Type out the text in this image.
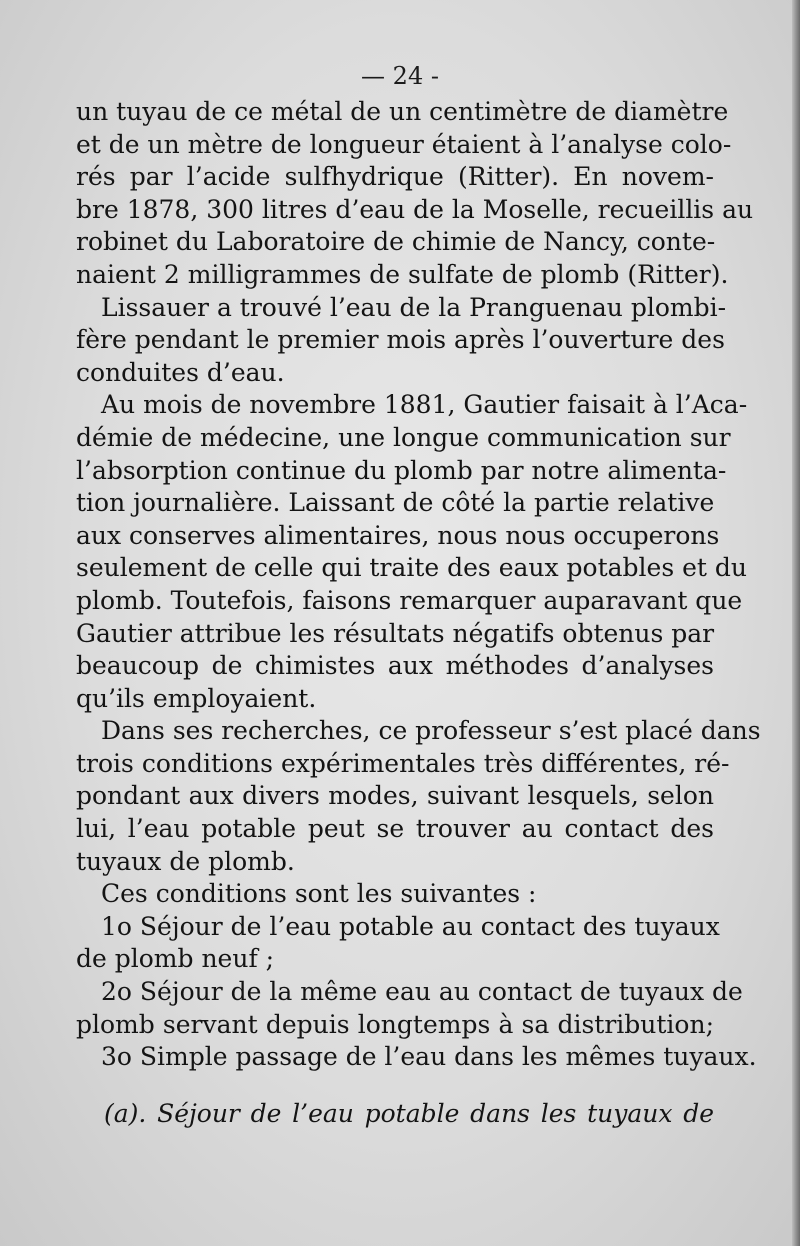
— 24 -
un tuyau de ce métal de un centimètre de diamètre
et de un mètre de longueur étaient à l’analyse colo-
rés par l’acide sulfhydrique (Ritter). En novem-
bre 1878, 300 litres d’eau de la Moselle, recueillis au
robinet du Laboratoire de chimie de Nancy, conte-
naient 2 milligrammes de sulfate de plomb (Ritter).
Lissauer a trouvé l’eau de la Pranguenau plombi-
fère pendant le premier mois après l’ouverture des
conduites d’eau.
Au mois de novembre 1881, Gautier faisait à l’Aca-
démie de médecine, une longue communication sur
l’absorption continue du plomb par notre alimenta-
tion journalière. Laissant de côté la partie relative
aux conserves alimentaires, nous nous occuperons
seulement de celle qui traite des eaux potables et du
plomb. Toutefois, faisons remarquer auparavant que
Gautier attribue les résultats négatifs obtenus par
beaucoup de chimistes aux méthodes d’analyses
qu’ils employaient.
Dans ses recherches, ce professeur s’est placé dans
trois conditions expérimentales très différentes, ré-
pondant aux divers modes, suivant lesquels, selon
lui, l’eau potable peut se trouver au contact des
tuyaux de plomb.
Ces conditions sont les suivantes :
1o Séjour de l’eau potable au contact des tuyaux
de plomb neuf ;
2o Séjour de la même eau au contact de tuyaux de
plomb servant depuis longtemps à sa distribution;
3o Simple passage de l’eau dans les mêmes tuyaux.
(a). Séjour de l’eau potable dans les tuyaux de
